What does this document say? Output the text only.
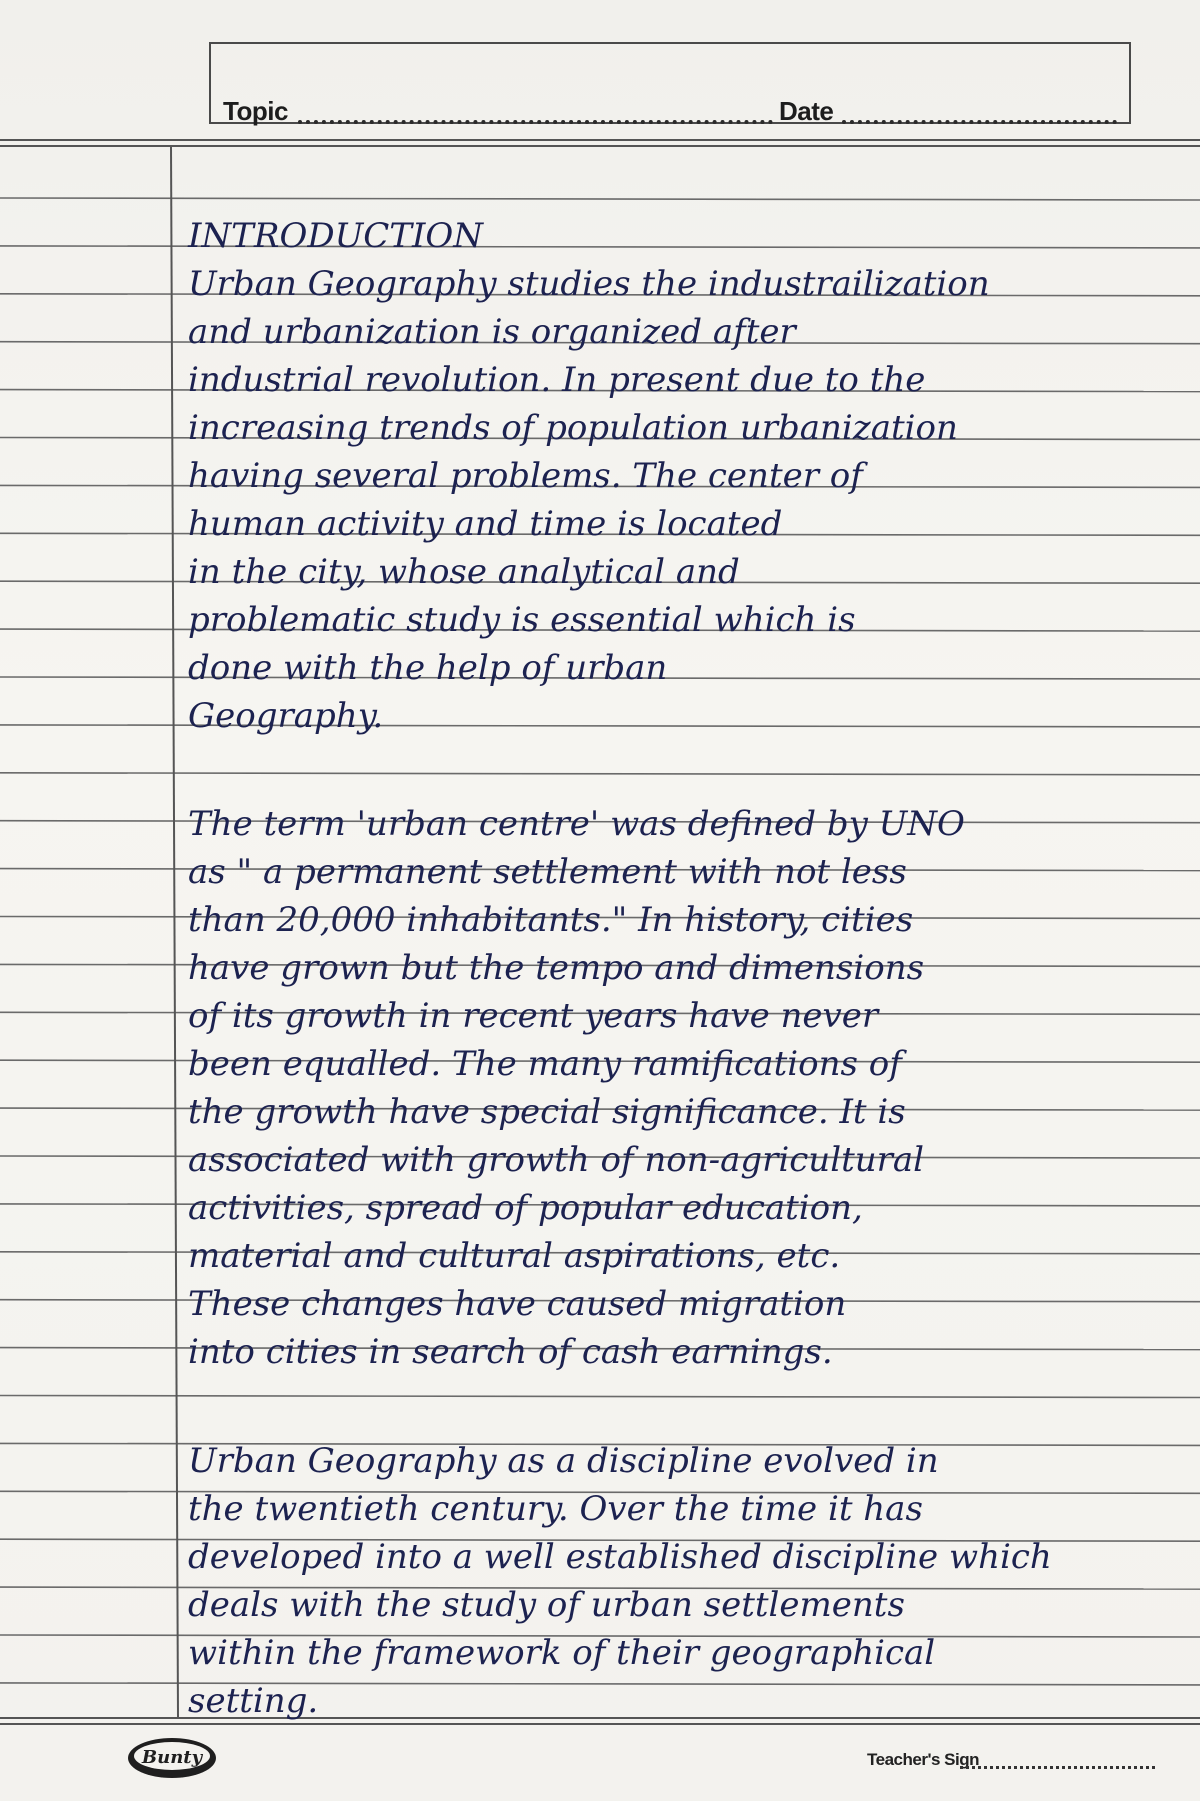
Topic	Date
INTRODUCTION
Urban Geography studies the industrailization
and urbanization is organized after
industrial revolution. In present due to the
increasing trends of population urbanization
having several problems. The center of
human activity and time is located
in the city, whose analytical and
problematic study is essential which is
done with the help of urban
Geography.
The term 'urban centre' was defined by UNO
as " a permanent settlement with not less
than 20,000 inhabitants." In history, cities
have grown but the tempo and dimensions
of its growth in recent years have never
been equalled. The many ramifications of
the growth have special significance. It is
associated with growth of non-agricultural
activities, spread of popular education,
material and cultural aspirations, etc.
These changes have caused migration
into cities in search of cash earnings.
Urban Geography as a discipline evolved in
the twentieth century. Over the time it has
developed into a well established discipline which
deals with the study of urban settlements
within the framework of their geographical
setting.
Bunty	Teacher's Sign
